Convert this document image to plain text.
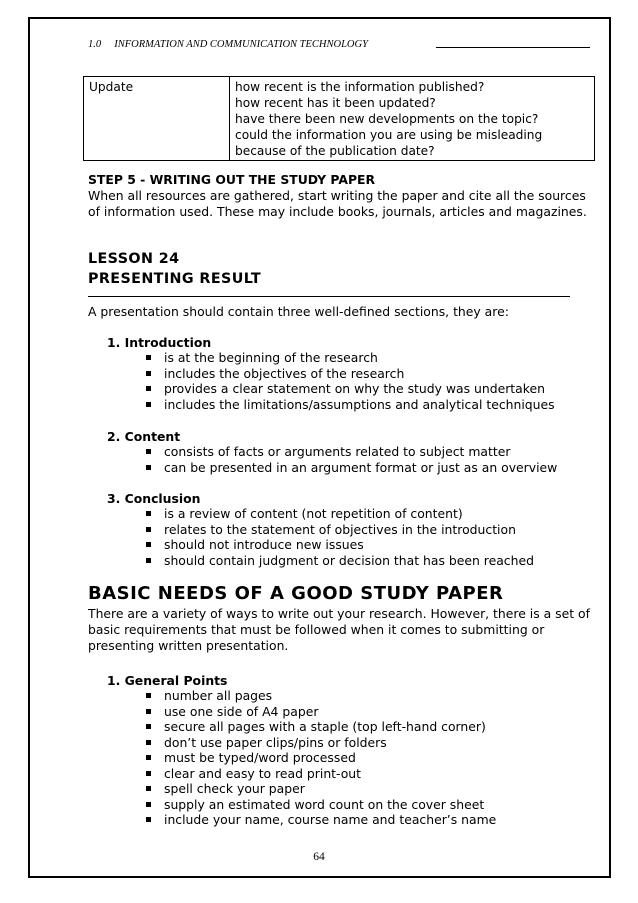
1.0     INFORMATION AND COMMUNICATION TECHNOLOGY
Update	how recent is the information published?
how recent has it been updated?
have there been new developments on the topic?
could the information you are using be misleading
because of the publication date?
STEP 5 - WRITING OUT THE STUDY PAPER
When all resources are gathered, start writing the paper and cite all the sources of information used. These may include books, journals, articles and magazines.
LESSON 24
PRESENTING RESULT
A presentation should contain three well-defined sections, they are:
1. Introduction
is at the beginning of the research
includes the objectives of the research
provides a clear statement on why the study was undertaken
includes the limitations/assumptions and analytical techniques
2. Content
consists of facts or arguments related to subject matter
can be presented in an argument format or just as an overview
3. Conclusion
is a review of content (not repetition of content)
relates to the statement of objectives in the introduction
should not introduce new issues
should contain judgment or decision that has been reached
BASIC NEEDS OF A GOOD STUDY PAPER
There are a variety of ways to write out your research. However, there is a set of basic requirements that must be followed when it comes to submitting or presenting written presentation.
1. General Points
number all pages
use one side of A4 paper
secure all pages with a staple (top left-hand corner)
don’t use paper clips/pins or folders
must be typed/word processed
clear and easy to read print-out
spell check your paper
supply an estimated word count on the cover sheet
include your name, course name and teacher’s name
64
